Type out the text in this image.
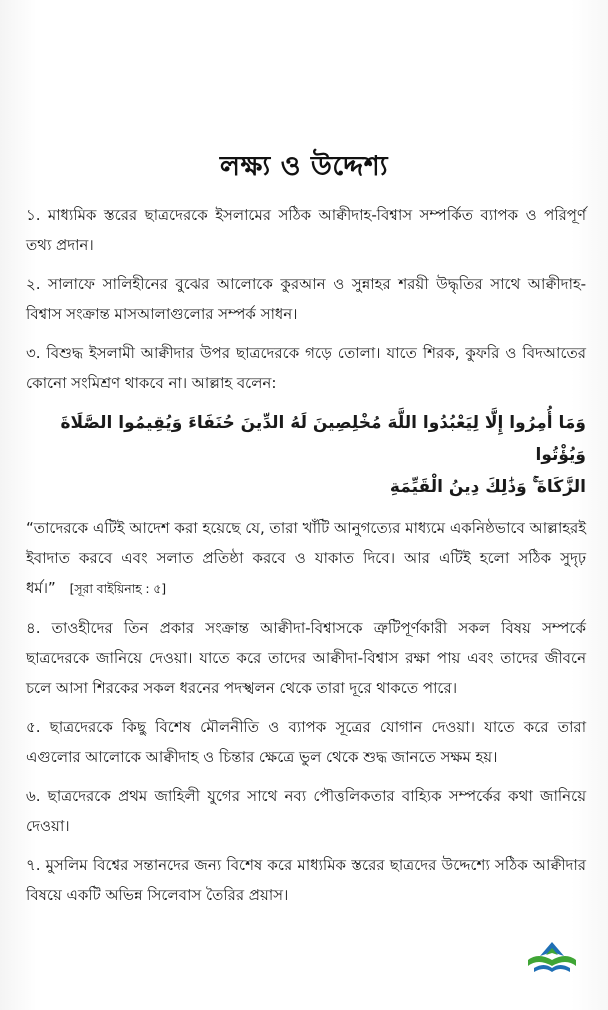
লক্ষ্য ও উদ্দেশ্য

১. মাধ্যমিক স্তরের ছাত্রদেরকে ইসলামের সঠিক আক্বীদাহ-বিশ্বাস সম্পর্কিত ব্যাপক ও পরিপূর্ণ তথ্য প্রদান।

২. সালাফে সালিহীনের বুঝের আলোকে কুরআন ও সুন্নাহর শরয়ী উদ্ধৃতির সাথে আক্বীদাহ-বিশ্বাস সংক্রান্ত মাসআলাগুলোর সম্পর্ক সাধন।

৩. বিশুদ্ধ ইসলামী আক্বীদার উপর ছাত্রদেরকে গড়ে তোলা। যাতে শিরক, কুফরি ও বিদআতের কোনো সংমিশ্রণ থাকবে না। আল্লাহ বলেন:

وَمَا أُمِرُوا إِلَّا لِيَعْبُدُوا اللَّهَ مُخْلِصِينَ لَهُ الدِّينَ حُنَفَاءَ وَيُقِيمُوا الصَّلَاةَ وَيُؤْتُوا
الزَّكَاةَ ۚ وَذَٰلِكَ دِينُ الْقَيِّمَةِ

“তাদেরকে এটিই আদেশ করা হয়েছে যে, তারা খাঁটি আনুগত্যের মাধ্যমে একনিষ্ঠভাবে আল্লাহরই ইবাদাত করবে এবং সলাত প্রতিষ্ঠা করবে ও যাকাত দিবে। আর এটিই হলো সঠিক সুদৃঢ় ধর্ম।” [সূরা বাইয়িনাহ : ৫]

৪. তাওহীদের তিন প্রকার সংক্রান্ত আক্বীদা-বিশ্বাসকে ত্রুটিপূর্ণকারী সকল বিষয় সম্পর্কে ছাত্রদেরকে জানিয়ে দেওয়া। যাতে করে তাদের আক্বীদা-বিশ্বাস রক্ষা পায় এবং তাদের জীবনে চলে আসা শিরকের সকল ধরনের পদস্খলন থেকে তারা দূরে থাকতে পারে।

৫. ছাত্রদেরকে কিছু বিশেষ মৌলনীতি ও ব্যাপক সূত্রের যোগান দেওয়া। যাতে করে তারা এগুলোর আলোকে আক্বীদাহ ও চিন্তার ক্ষেত্রে ভুল থেকে শুদ্ধ জানতে সক্ষম হয়।

৬. ছাত্রদেরকে প্রথম জাহিলী যুগের সাথে নব্য পৌত্তলিকতার বাহ্যিক সম্পর্কের কথা জানিয়ে দেওয়া।

৭. মুসলিম বিশ্বের সন্তানদের জন্য বিশেষ করে মাধ্যমিক স্তরের ছাত্রদের উদ্দেশ্যে সঠিক আক্বীদার বিষয়ে একটি অভিন্ন সিলেবাস তৈরির প্রয়াস।
